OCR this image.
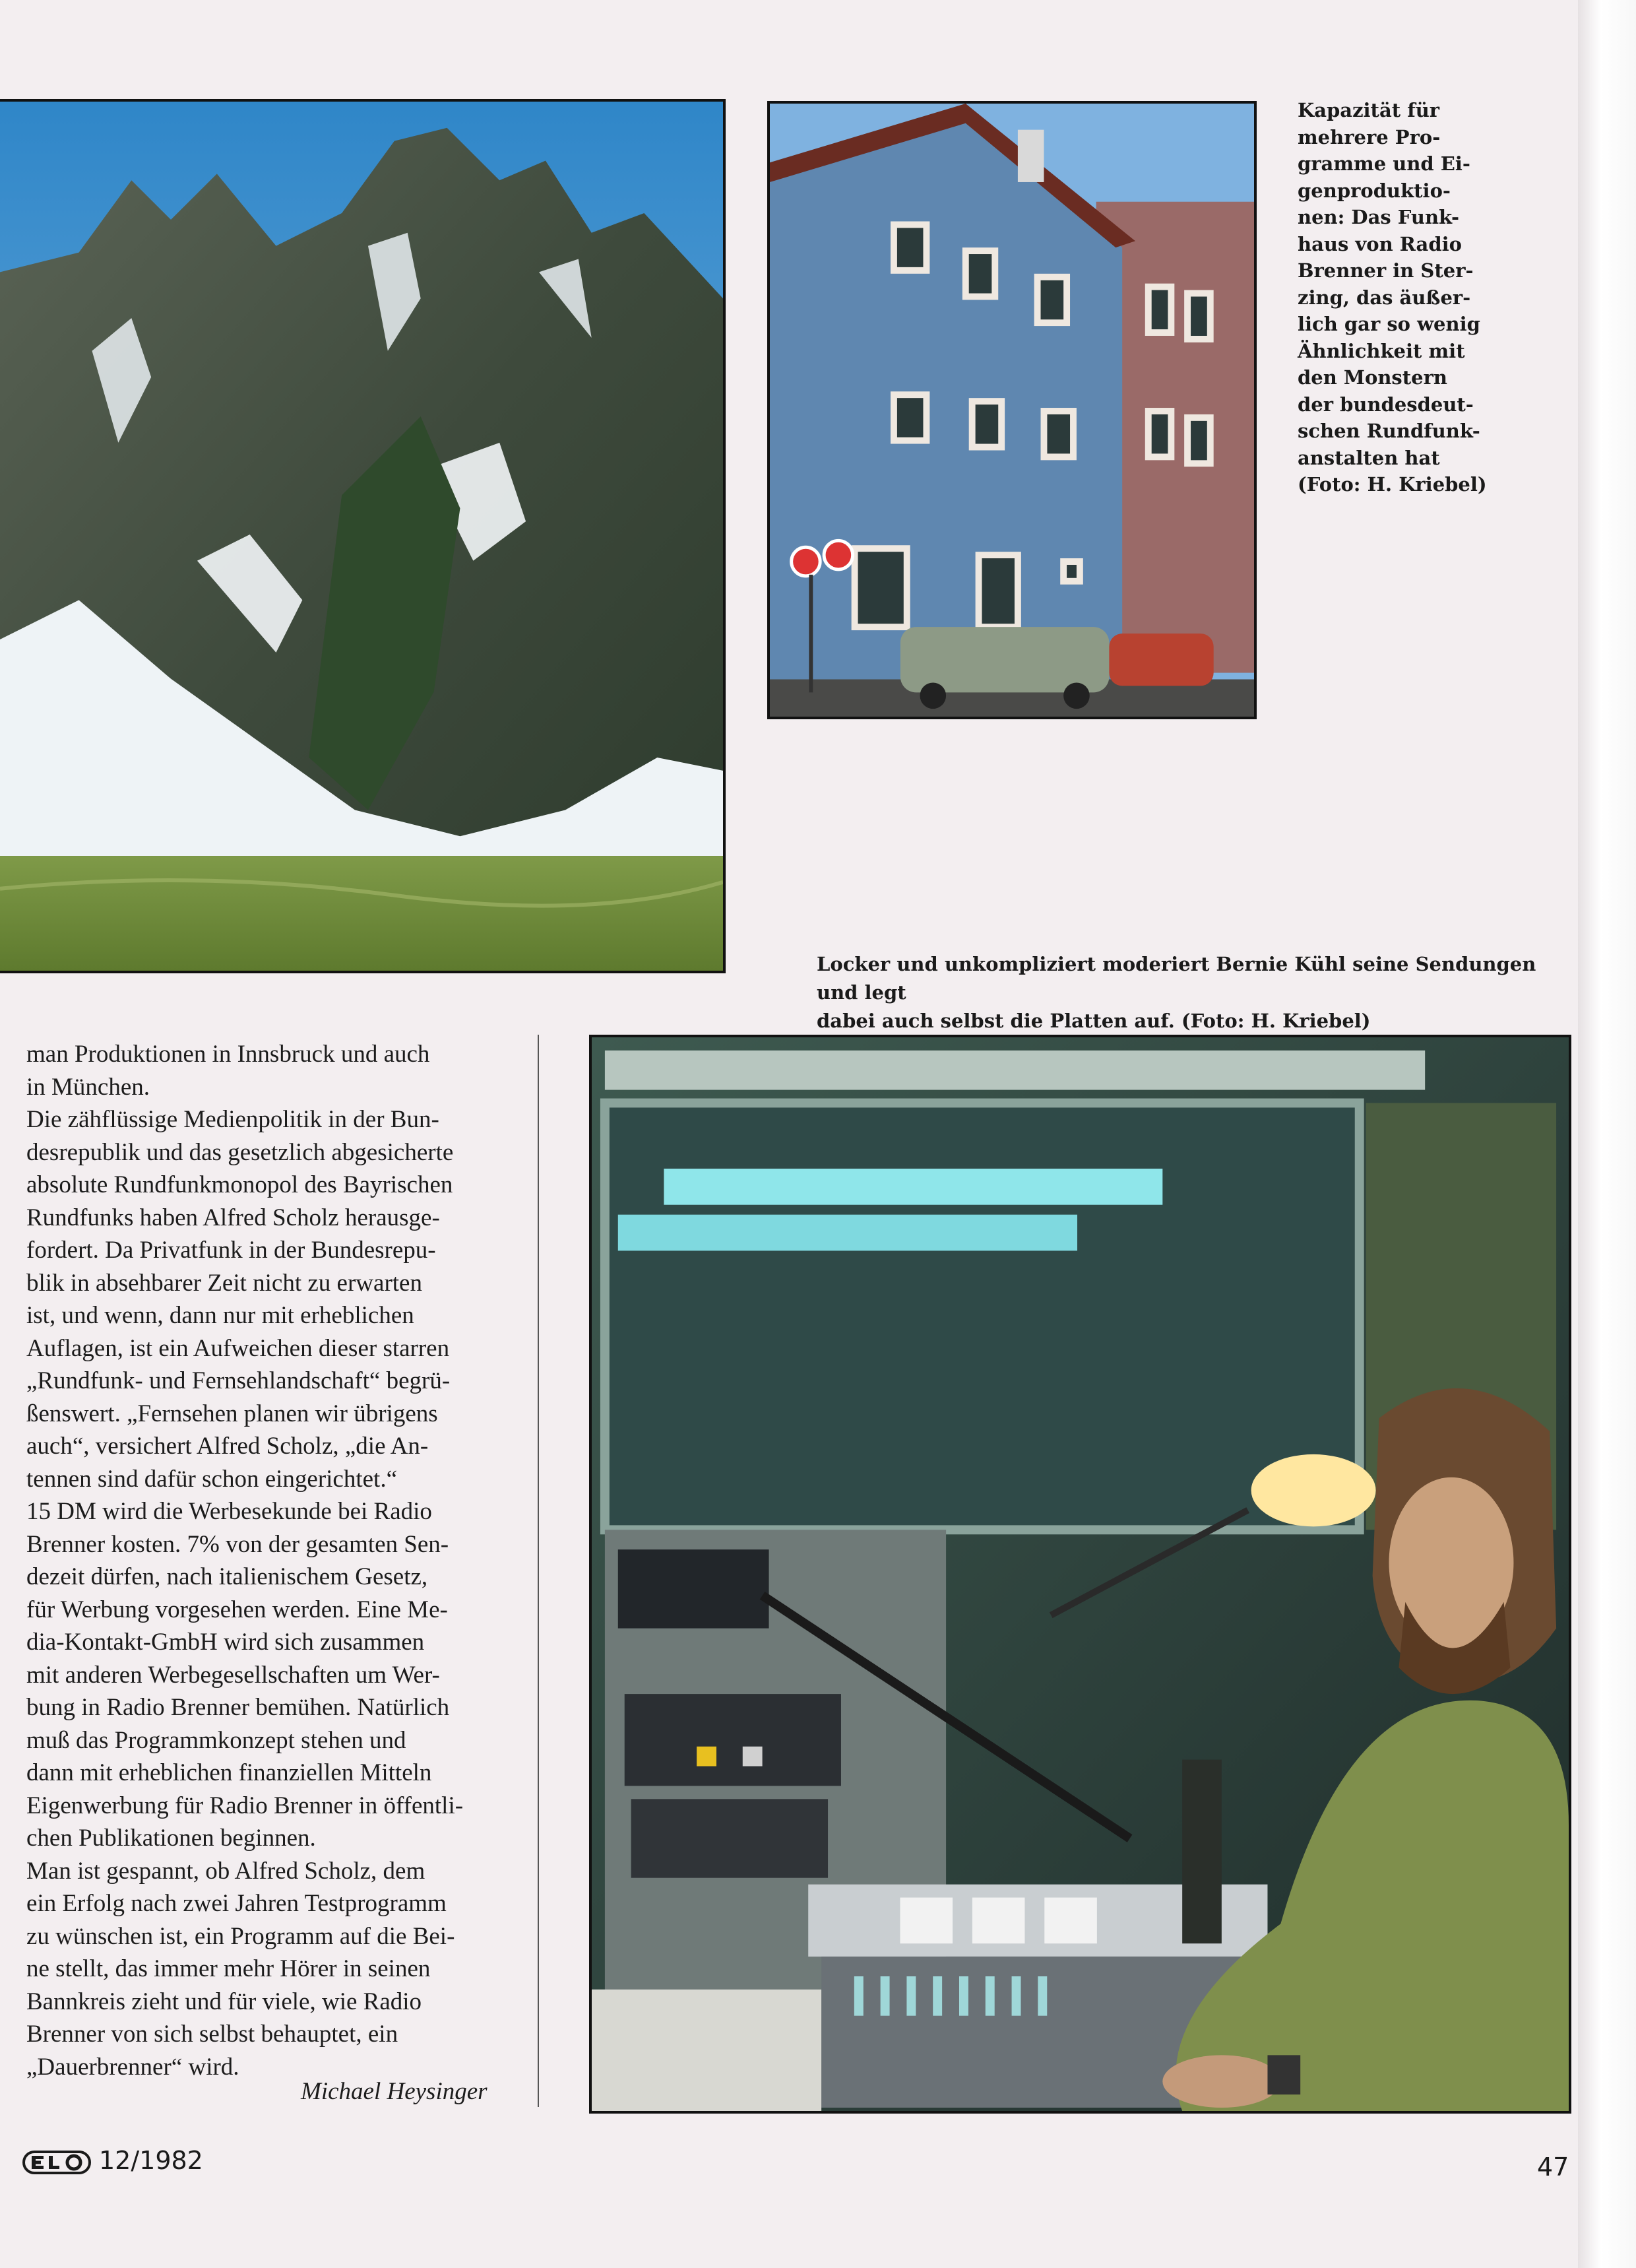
Kapazität für
mehrere Pro-
gramme und Ei-
genproduktio-
nen: Das Funk-
haus von Radio
Brenner in Ster-
zing, das äußer-
lich gar so wenig
Ähnlichkeit mit
den Monstern
der bundesdeut-
schen Rundfunk-
anstalten hat
(Foto: H. Kriebel)
Locker und unkompliziert moderiert Bernie Kühl seine Sendungen und legt
dabei auch selbst die Platten auf. (Foto: H. Kriebel)
man Produktionen in Innsbruck und auch
in München.
Die zähflüssige Medienpolitik in der Bun-
desrepublik und das gesetzlich abgesicherte
absolute Rundfunkmonopol des Bayrischen
Rundfunks haben Alfred Scholz herausge-
fordert. Da Privatfunk in der Bundesrepu-
blik in absehbarer Zeit nicht zu erwarten
ist, und wenn, dann nur mit erheblichen
Auflagen, ist ein Aufweichen dieser starren
„Rundfunk- und Fernsehlandschaft“ begrü-
ßenswert. „Fernsehen planen wir übrigens
auch“, versichert Alfred Scholz, „die An-
tennen sind dafür schon eingerichtet.“
15 DM wird die Werbesekunde bei Radio
Brenner kosten. 7% von der gesamten Sen-
dezeit dürfen, nach italienischem Gesetz,
für Werbung vorgesehen werden. Eine Me-
dia-Kontakt-GmbH wird sich zusammen
mit anderen Werbegesellschaften um Wer-
bung in Radio Brenner bemühen. Natürlich
muß das Programmkonzept stehen und
dann mit erheblichen finanziellen Mitteln
Eigenwerbung für Radio Brenner in öffentli-
chen Publikationen beginnen.
Man ist gespannt, ob Alfred Scholz, dem
ein Erfolg nach zwei Jahren Testprogramm
zu wünschen ist, ein Programm auf die Bei-
ne stellt, das immer mehr Hörer in seinen
Bannkreis zieht und für viele, wie Radio
Brenner von sich selbst behauptet, ein
„Dauerbrenner“ wird.
Michael Heysinger
12/1982	47
